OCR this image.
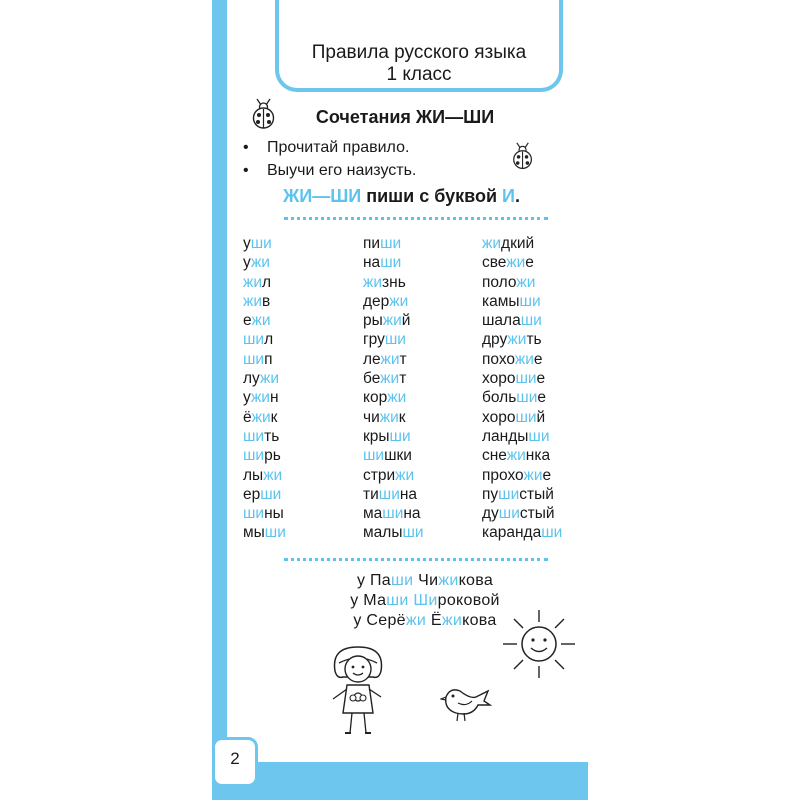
Правила русского языка
1 класс
Сочетания ЖИ—ШИ
• Прочитай правило.
• Выучи его наизусть.
ЖИ—ШИ пиши с буквой И.
уши
ужи
жил
жив
ежи
шил
шип
лужи
ужин
ёжик
шить
ширь
лыжи
ерши
шины
мыши
пиши
наши
жизнь
держи
рыжий
груши
лежит
бежит
коржи
чижик
крыши
шишки
стрижи
тишина
машина
малыши
жидкий
свежие
положи
камыши
шалаши
дружить
похожие
хорошие
большие
хороший
ландыши
снежинка
прохожие
пушистый
душистый
карандаши
у Паши Чижикова
у Маши Широковой
у Серёжи Ёжикова
2
